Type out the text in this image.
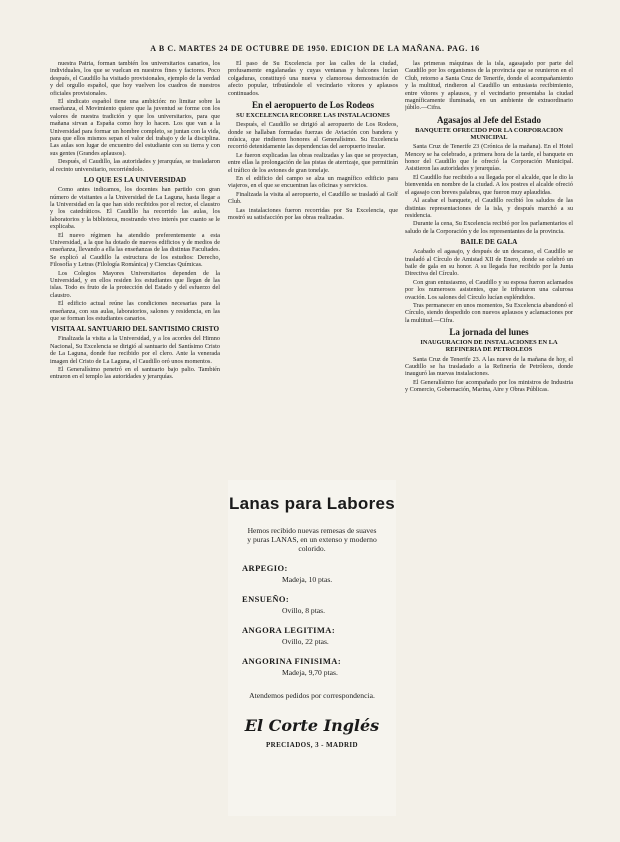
A B C. MARTES 24 DE OCTUBRE DE 1950. EDICION DE LA MAÑANA. PAG. 16

nuestra Patria, forman también los universitarios canarios, los individuales, los que se vuelcan en nuestros fines y factores. Poco después, el Caudillo ha visitado provisionales, ejemplo de la verdad y del orgullo español, que hoy vuelven los cuadros de nuestros oficiales provisionales.

El sindicato español tiene una ambición: no limitar sobre la enseñanza, el Movimiento quiere que la juventud se forme con los valores de nuestra tradición y que los universitarios, para que mañana sirvan a España como hoy lo hacen. Los que van a la Universidad para formar un hombre completo, se juntan con la vida, para que ellos mismos sepan el valor del trabajo y de la disciplina. Las aulas son lugar de encuentro del estudiante con su tierra y con sus gentes (Grandes aplausos).

Después, el Caudillo, las autoridades y jerarquías, se trasladaron al recinto universitario, recorriéndolo.

LO QUE ES LA UNIVERSIDAD

Como antes indicamos, los docentes han partido con gran número de visitantes a la Universidad de La Laguna, hasta llegar a la Universidad en la que han sido recibidos por el rector, el claustro y los catedráticos. El Caudillo ha recorrido las aulas, los laboratorios y la biblioteca, mostrando vivo interés por cuanto se le explicaba.

El nuevo régimen ha atendido preferentemente a esta Universidad, a la que ha dotado de nuevos edificios y de medios de enseñanza, llevando a ella las enseñanzas de las distintas Facultades. Se explicó al Caudillo la estructura de los estudios: Derecho, Filosofía y Letras (Filología Románica) y Ciencias Químicas.

Los Colegios Mayores Universitarios dependen de la Universidad, y en ellos residen los estudiantes que llegan de las islas. Todo es fruto de la protección del Estado y del esfuerzo del claustro.

El edificio actual reúne las condiciones necesarias para la enseñanza, con sus aulas, laboratorios, salones y residencia, en las que se forman los estudiantes canarios.

VISITA AL SANTUARIO DEL SANTISIMO CRISTO

Finalizada la visita a la Universidad, y a los acordes del Himno Nacional, Su Excelencia se dirigió al santuario del Santísimo Cristo de La Laguna, donde fue recibido por el clero. Ante la venerada imagen del Cristo de La Laguna, el Caudillo oró unos momentos.

El Generalísimo penetró en el santuario bajo palio. También entraron en el templo las autoridades y jerarquías.

El paso de Su Excelencia por las calles de la ciudad, profusamente engalanadas y cuyas ventanas y balcones lucían colgaduras, constituyó una nueva y clamorosa demostración de afecto popular, tributándole el vecindario vítores y aplausos continuados.

En el aeropuerto de Los Rodeos
SU EXCELENCIA RECORRE LAS INSTALACIONES

Después, el Caudillo se dirigió al aeropuerto de Los Rodeos, donde se hallaban formadas fuerzas de Aviación con bandera y música, que rindieron honores al Generalísimo. Su Excelencia recorrió detenidamente las dependencias del aeropuerto insular.

Le fueron explicadas las obras realizadas y las que se proyectan, entre ellas la prolongación de las pistas de aterrizaje, que permitirán el tráfico de los aviones de gran tonelaje.

En el edificio del campo se alza un magnífico edificio para viajeros, en el que se encuentran las oficinas y servicios.

Finalizada la visita al aeropuerto, el Caudillo se trasladó al Golf Club.

Las instalaciones fueron recorridas por Su Excelencia, que mostró su satisfacción por las obras realizadas.

Lanas para Labores
Hemos recibido nuevas remesas de suaves y puras LANAS, en un extenso y moderno colorido.
ARPEGIO:
Madeja, 10 ptas.
ENSUEÑO:
Ovillo, 8 ptas.
ANGORA LEGITIMA:
Ovillo, 22 ptas.
ANGORINA FINISIMA:
Madeja, 9,70 ptas.
Atendemos pedidos por correspondencia.
El Corte Inglés
PRECIADOS, 3 - MADRID

las primeras máquinas de la isla, agasajado por parte del Caudillo por los organismos de la provincia que se reunieron en el Club, retorno a Santa Cruz de Tenerife, donde el acompañamiento y la multitud, rindieron al Caudillo un entusiasta recibimiento, entre vítores y aplausos, y el vecindario presentaba la ciudad magníficamente iluminada, en un ambiente de extraordinario júbilo.—Cifra.

Agasajos al Jefe del Estado
BANQUETE OFRECIDO POR LA CORPORACION MUNICIPAL

Santa Cruz de Tenerife 23 (Crónica de la mañana). En el Hotel Mencey se ha celebrado, a primera hora de la tarde, el banquete en honor del Caudillo que le ofreció la Corporación Municipal. Asistieron las autoridades y jerarquías.

El Caudillo fue recibido a su llegada por el alcalde, que le dio la bienvenida en nombre de la ciudad. A los postres el alcalde ofreció el agasajo con breves palabras, que fueron muy aplaudidas.

Al acabar el banquete, el Caudillo recibió los saludos de las distintas representaciones de la isla, y después marchó a su residencia.

Durante la cena, Su Excelencia recibió por los parlamentarios el saludo de la Corporación y de los representantes de la provincia.

BAILE DE GALA

Acabado el agasajo, y después de un descanso, el Caudillo se trasladó al Círculo de Amistad XII de Enero, donde se celebró un baile de gala en su honor. A su llegada fue recibido por la Junta Directiva del Círculo.

Con gran entusiasmo, el Caudillo y su esposa fueron aclamados por los numerosos asistentes, que le tributaron una calurosa ovación. Los salones del Círculo lucían espléndidos.

Tras permanecer en unos momentos, Su Excelencia abandonó el Círculo, siendo despedido con nuevos aplausos y aclamaciones por la multitud.—Cifra.

La jornada del lunes
INAUGURACION DE INSTALACIONES EN LA REFINERIA DE PETROLEOS

Santa Cruz de Tenerife 23. A las nueve de la mañana de hoy, el Caudillo se ha trasladado a la Refinería de Petróleos, donde inauguró las nuevas instalaciones.

El Generalísimo fue acompañado por los ministros de Industria y Comercio, Gobernación, Marina, Aire y Obras Públicas.
